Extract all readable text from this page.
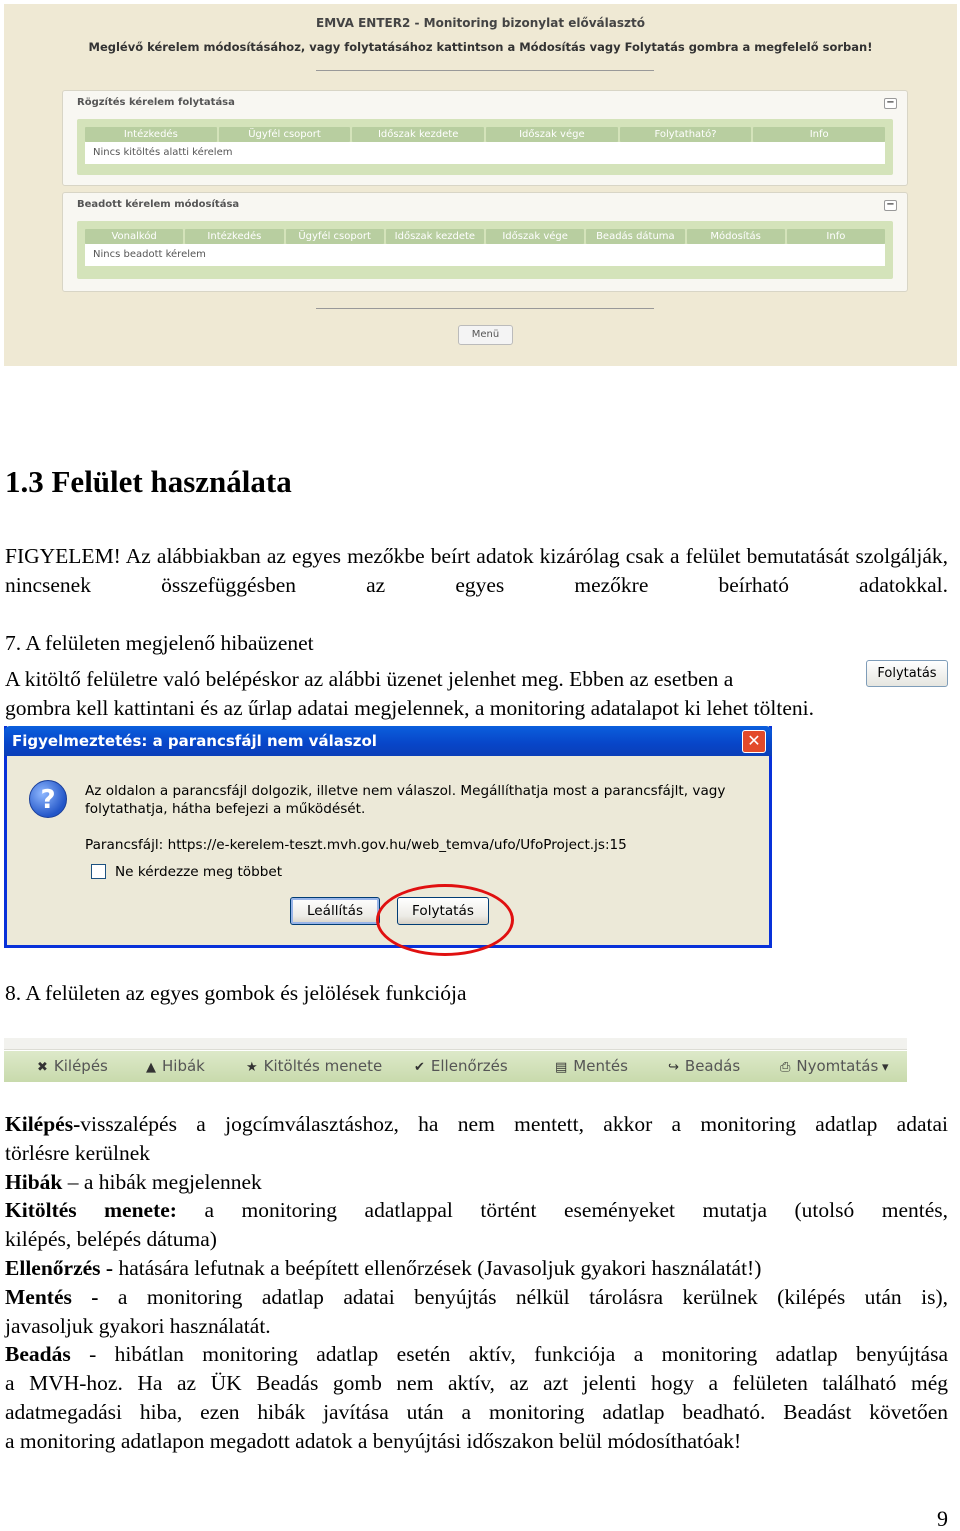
EMVA ENTER2 - Monitoring bizonylat előválasztó
Meglévő kérelem módosításához, vagy folytatásához kattintson a Módosítás vagy Folytatás gombra a megfelelő sorban!
Rögzítés kérelem folytatása	−
Intézkedés	Ügyfél csoport	Időszak kezdete	Időszak vége	Folytatható?	Info
Nincs kitöltés alatti kérelem
Beadott kérelem módosítása	−
Vonalkód	Intézkedés	Ügyfél csoport	Időszak kezdete	Időszak vége	Beadás dátuma	Módosítás	Info
Nincs beadott kérelem
Menü
1.3 Felület használata
FIGYELEM! Az alábbiakban az egyes mezőkbe beírt adatok kizárólag csak a felület bemutatását szolgálják, nincsenek összefüggésben az egyes mezőkre beírható adatokkal.
7. A felületen megjelenő hibaüzenet
A kitöltő felületre való belépéskor az alábbi üzenet jelenhet meg. Ebben az esetben a	Folytatás
gombra kell kattintani és az űrlap adatai megjelennek, a monitoring adatalapot ki lehet tölteni.
Figyelmeztetés: a parancsfájl nem válaszol	✕
?	Az oldalon a parancsfájl dolgozik, illetve nem válaszol. Megállíthatja most a parancsfájlt, vagy
folytathatja, hátha befejezi a működését.
Parancsfájl: https://e-kerelem-teszt.mvh.gov.hu/web_temva/ufo/UfoProject.js:15
Ne kérdezze meg többet
Leállítás	Folytatás
8. A felületen az egyes gombok és jelölések funkciója
✖ Kilépés	▲ Hibák	★ Kitöltés menete ✔ Ellenőrzés	▤ Mentés	↪ Beadás	⎙ Nyomtatás ▾
Kilépés-visszalépés a jogcímválasztáshoz, ha nem mentett, akkor a monitoring adatlap adatai
törlésre kerülnek
Hibák – a hibák megjelennek
Kitöltés menete: a monitoring adatlappal történt eseményeket mutatja (utolsó mentés,
kilépés, belépés dátuma)
Ellenőrzés - hatására lefutnak a beépített ellenőrzések (Javasoljuk gyakori használatát!)
Mentés - a monitoring adatlap adatai benyújtás nélkül tárolásra kerülnek (kilépés után is),
javasoljuk gyakori használatát.
Beadás - hibátlan monitoring adatlap esetén aktív, funkciója a monitoring adatlap benyújtása
a MVH-hoz. Ha az ÜK Beadás gomb nem aktív, az azt jelenti hogy a felületen található még
adatmegadási hiba, ezen hibák javítása után a monitoring adatlap beadható. Beadást követően
a monitoring adatlapon megadott adatok a benyújtási időszakon belül módosíthatóak!
9
